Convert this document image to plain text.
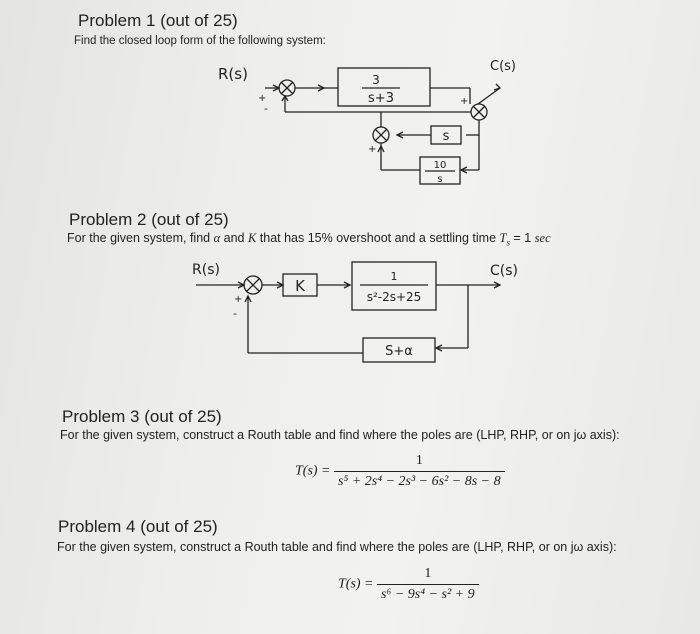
Problem 1 (out of 25)
Find the closed loop form of the following system:
R(s)	C(s)
3
s+3
s
10
s
+
-
+
+
Problem 2 (out of 25)
For the given system, find α and K that has 15% overshoot and a settling time $T_s = 1$ sec
R(s)	C(s)
K
1
s²-2s+25
S+α
+
-
Problem 3 (out of 25)
For the given system, construct a Routh table and find where the poles are (LHP, RHP, or on jω axis):
$T(s) = \frac{1}{\text{s⁵ + 2s⁴ − 2s³ − 6s² − 8s − 8}}$
Problem 4 (out of 25)
For the given system, construct a Routh table and find where the poles are (LHP, RHP, or on jω axis):
$T(s) = \frac{1}{\text{s⁶ − 9s⁴ − s² + 9}}$
